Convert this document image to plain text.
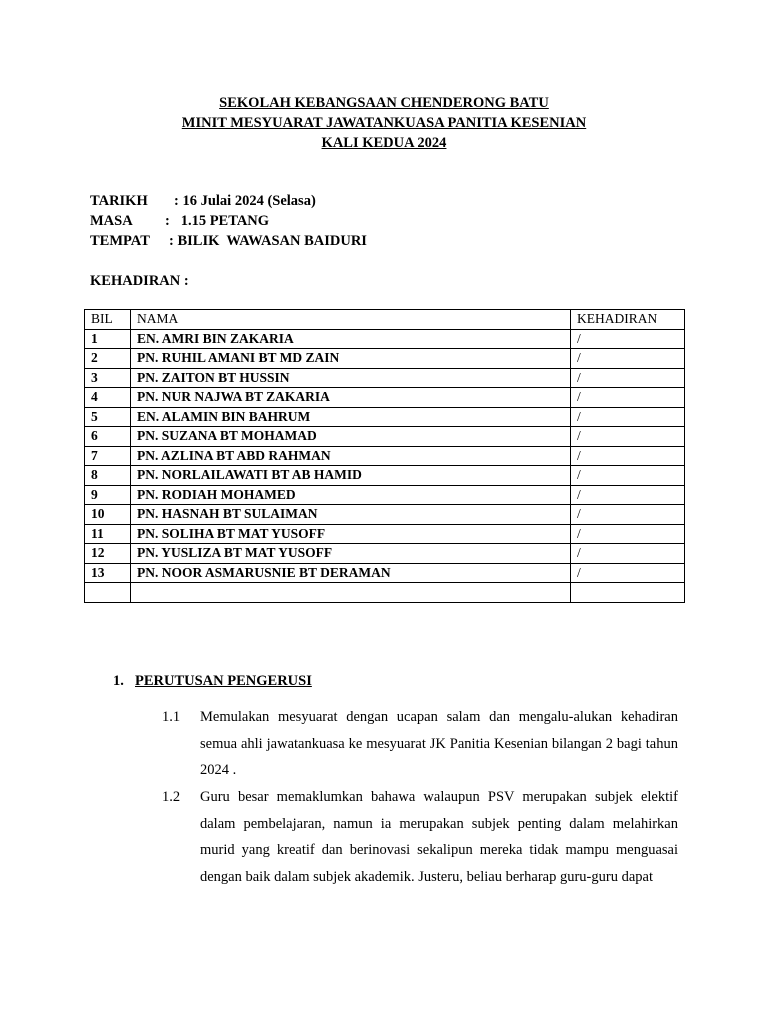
SEKOLAH KEBANGSAAN CHENDERONG BATU
MINIT MESYUARAT JAWATANKUASA PANITIA KESENIAN
KALI KEDUA 2024
TARIKH : 16 Julai 2024 (Selasa)
MASA :   1.15 PETANG
TEMPAT : BILIK  WAWASAN BAIDURI
KEHADIRAN :
BIL	NAMA	KEHADIRAN
1	EN. AMRI BIN ZAKARIA	/
2	PN. RUHIL AMANI BT MD ZAIN	/
3	PN. ZAITON BT HUSSIN	/
4	PN. NUR NAJWA BT ZAKARIA	/
5	EN. ALAMIN BIN BAHRUM	/
6	PN. SUZANA BT MOHAMAD	/
7	PN. AZLINA BT ABD RAHMAN	/
8	PN. NORLAILAWATI BT AB HAMID	/
9	PN. RODIAH MOHAMED	/
10	PN. HASNAH BT SULAIMAN	/
11	PN. SOLIHA BT MAT YUSOFF	/
12	PN. YUSLIZA BT MAT YUSOFF	/
13	PN. NOOR ASMARUSNIE BT DERAMAN	/

1. PERUTUSAN PENGERUSI
1.1 Memulakan mesyuarat dengan ucapan salam dan mengalu-alukan kehadiran semua ahli jawatankuasa ke mesyuarat JK Panitia Kesenian bilangan 2 bagi tahun 2024 .
1.2 Guru besar memaklumkan bahawa walaupun PSV merupakan subjek elektif dalam pembelajaran, namun ia merupakan subjek penting dalam melahirkan murid yang kreatif dan berinovasi sekalipun mereka tidak mampu menguasai dengan baik dalam subjek akademik. Justeru, beliau berharap guru-guru dapat
